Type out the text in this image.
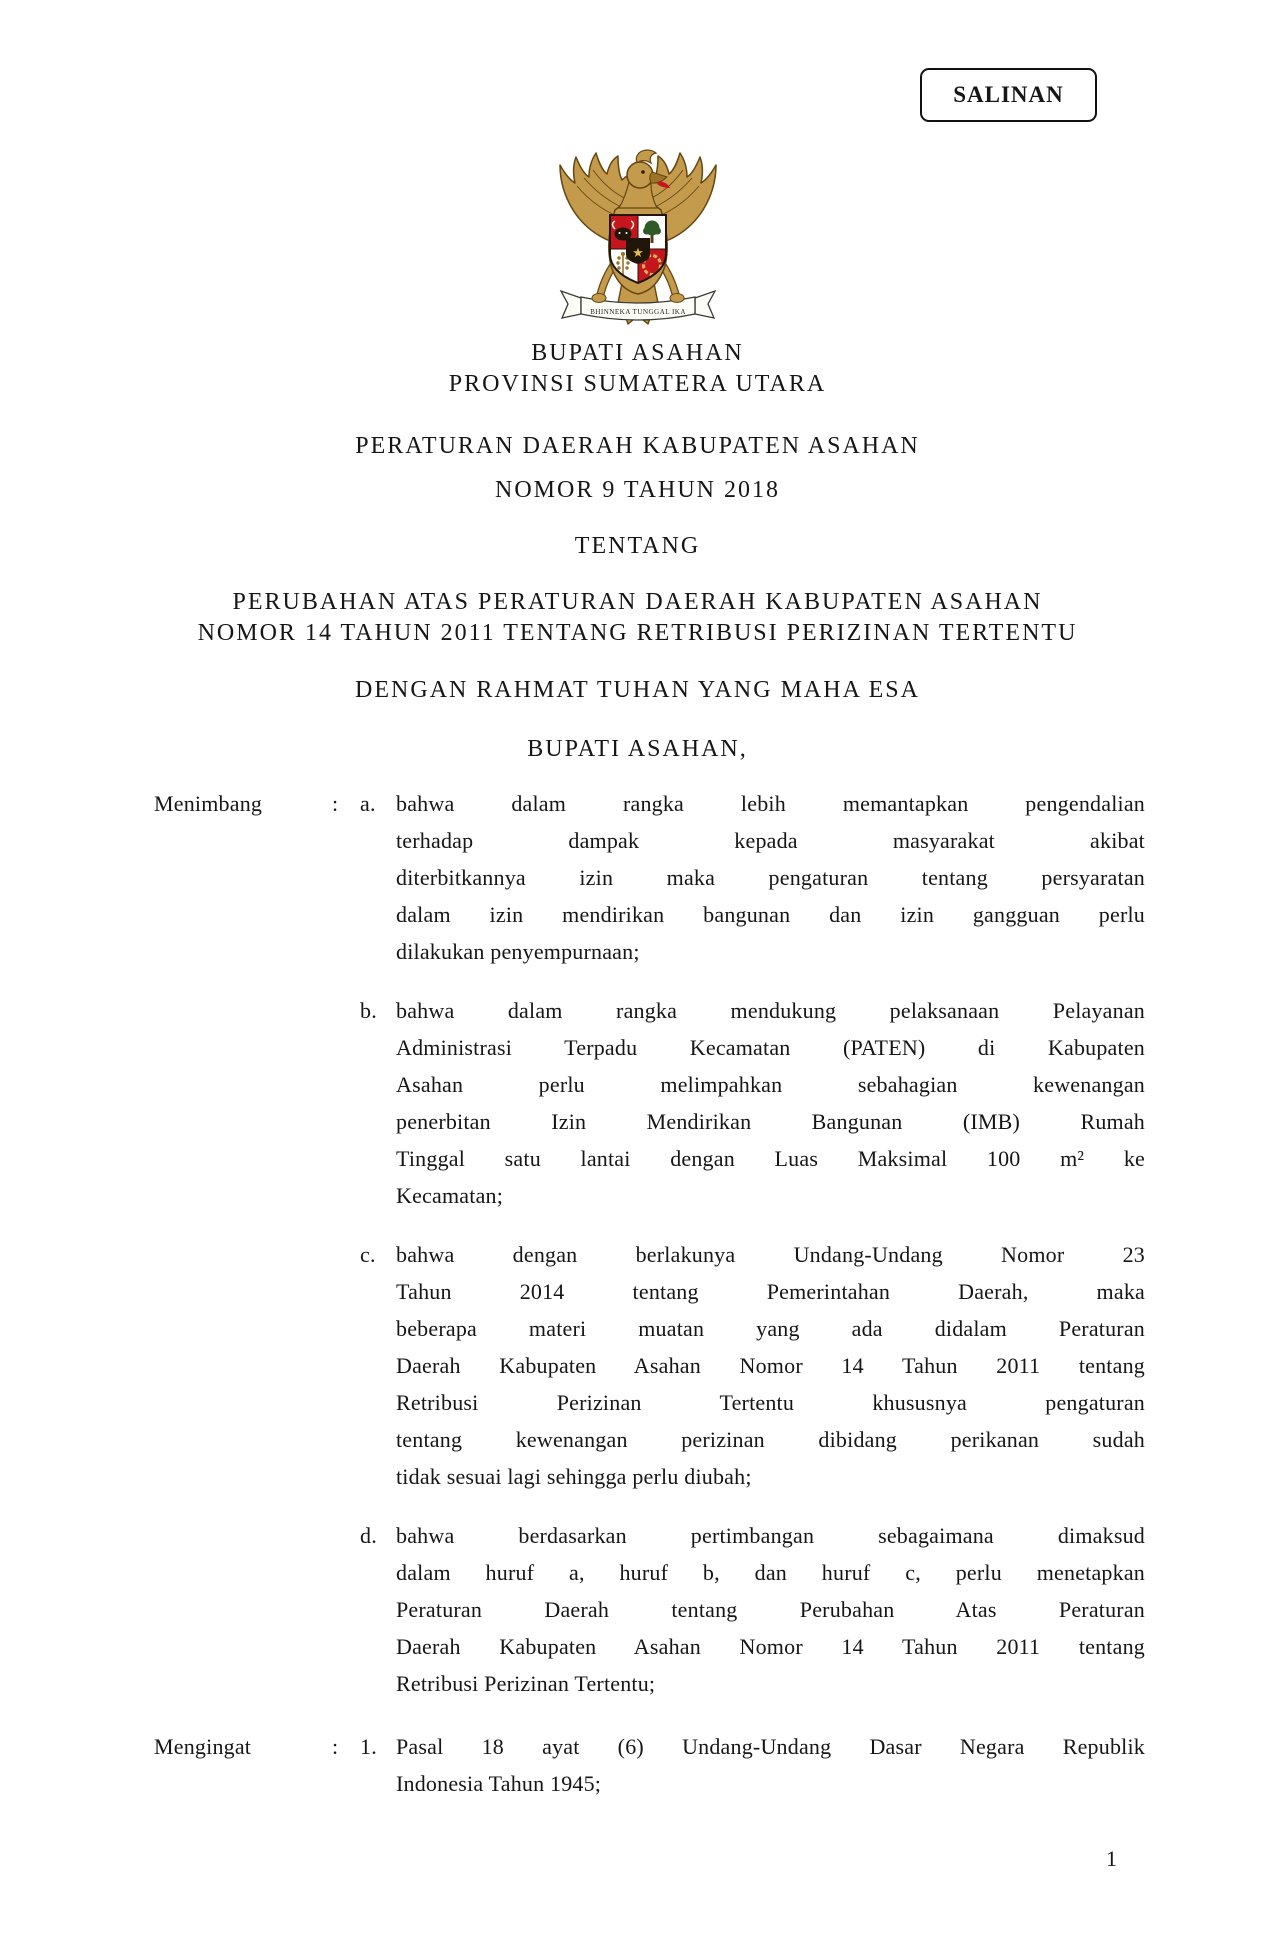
SALINAN
★
BHINNEKA TUNGGAL IKA

BUPATI ASAHAN

PROVINSI SUMATERA UTARA

PERATURAN DAERAH KABUPATEN ASAHAN

NOMOR 9 TAHUN 2018

TENTANG

PERUBAHAN ATAS PERATURAN DAERAH KABUPATEN ASAHAN

NOMOR 14 TAHUN 2011 TENTANG RETRIBUSI PERIZINAN TERTENTU

DENGAN RAHMAT TUHAN YANG MAHA ESA

BUPATI ASAHAN,

Menimbang	: a. bahwa dalam rangka lebih memantapkan pengendalian
terhadap dampak kepada masyarakat akibat
diterbitkannya izin maka pengaturan tentang persyaratan
dalam izin mendirikan bangunan dan izin gangguan perlu
dilakukan penyempurnaan;
b. bahwa dalam rangka mendukung pelaksanaan Pelayanan
Administrasi Terpadu Kecamatan (PATEN) di Kabupaten
Asahan perlu melimpahkan sebahagian kewenangan
penerbitan Izin Mendirikan Bangunan (IMB) Rumah
Tinggal satu lantai dengan Luas Maksimal 100 m² ke
Kecamatan;
c. bahwa dengan berlakunya Undang-Undang Nomor 23
Tahun 2014 tentang Pemerintahan Daerah, maka
beberapa materi muatan yang ada didalam Peraturan
Daerah Kabupaten Asahan Nomor 14 Tahun 2011 tentang
Retribusi Perizinan Tertentu khususnya pengaturan
tentang kewenangan perizinan dibidang perikanan sudah
tidak sesuai lagi sehingga perlu diubah;
d. bahwa berdasarkan pertimbangan sebagaimana dimaksud
dalam huruf a, huruf b, dan huruf c, perlu menetapkan
Peraturan Daerah tentang Perubahan Atas Peraturan
Daerah Kabupaten Asahan Nomor 14 Tahun 2011 tentang
Retribusi Perizinan Tertentu;
Mengingat	: 1. Pasal 18 ayat (6) Undang-Undang Dasar Negara Republik
Indonesia Tahun 1945;
1
